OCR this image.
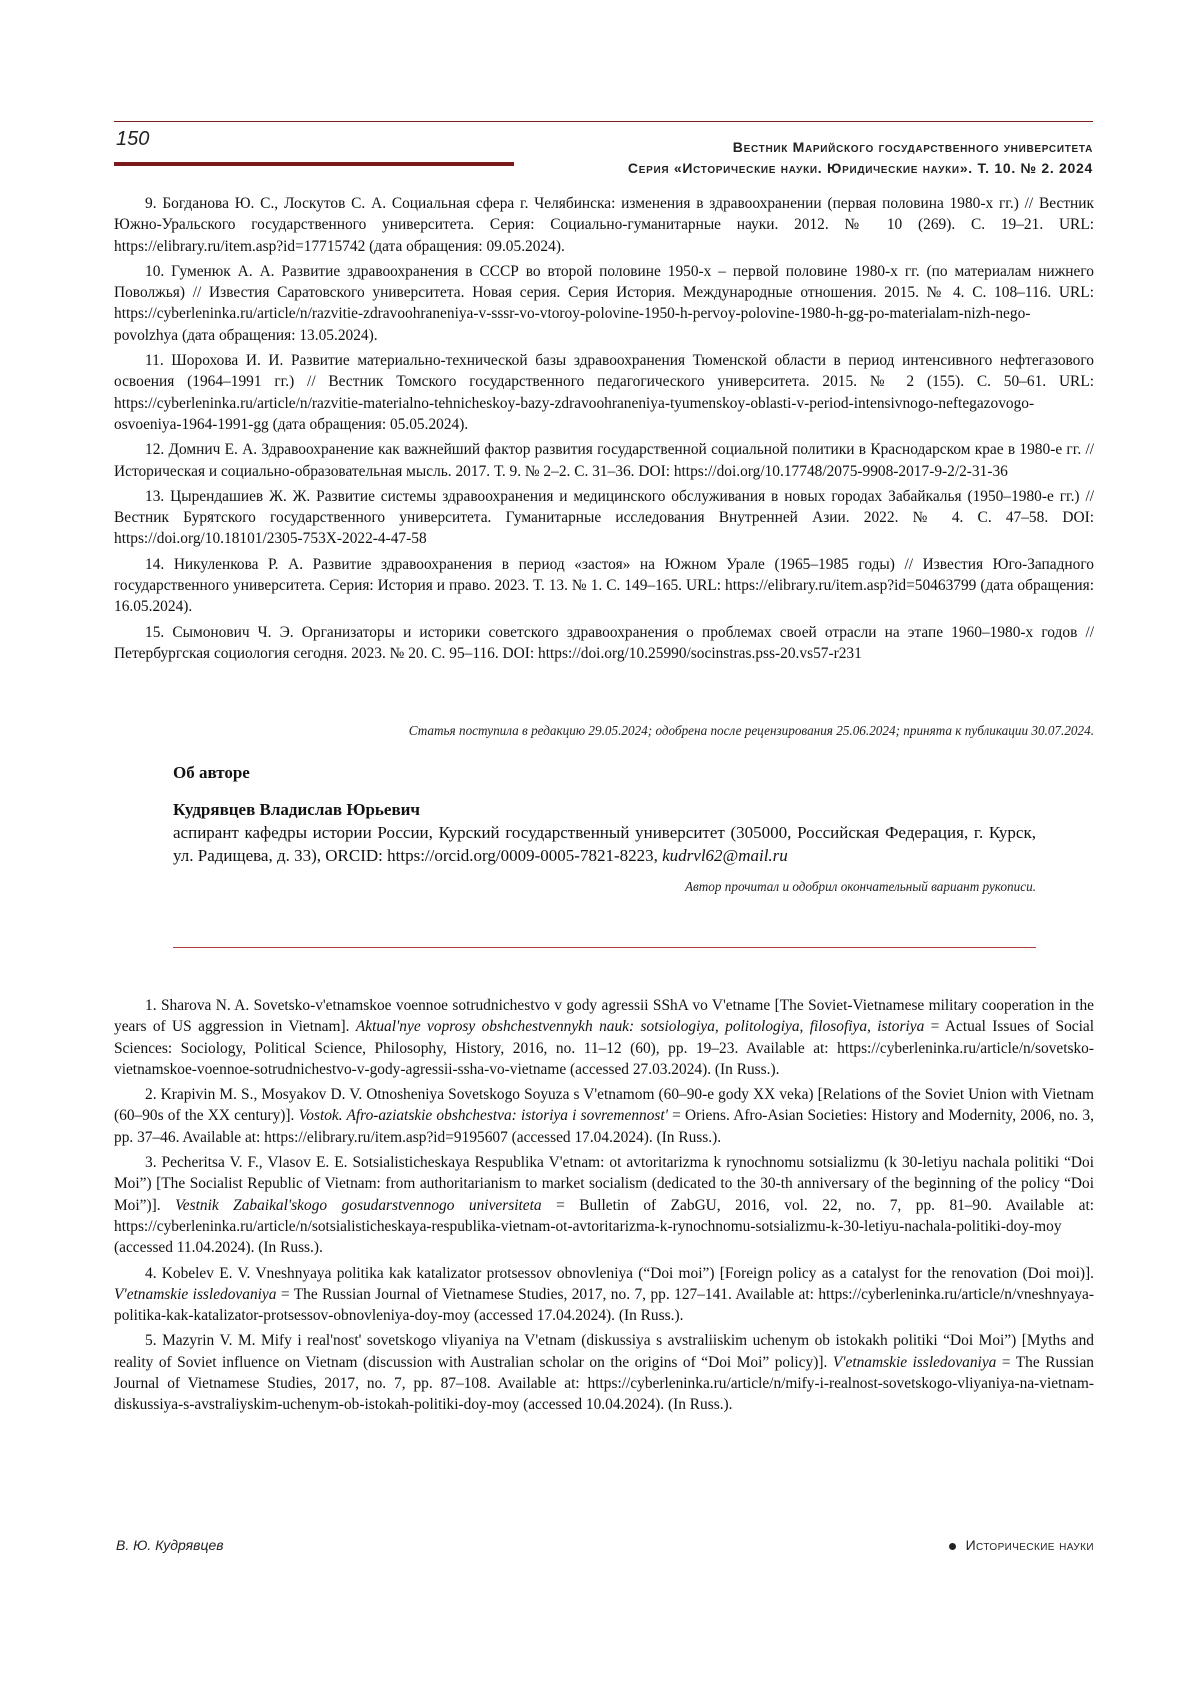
150	Вестник Марийского государственного университета
Серия «Исторические науки. Юридические науки». Т. 10. № 2. 2024

9. Богданова Ю. С., Лоскутов С. А. Социальная сфера г. Челябинска: изменения в здравоохранении (первая половина 1980-х гг.) // Вестник Южно-Уральского государственного университета. Серия: Социально-гуманитарные науки. 2012. № 10 (269). С. 19–21. URL: https://elibrary.ru/item.asp?id=17715742 (дата обращения: 09.05.2024).

10. Гуменюк А. А. Развитие здравоохранения в СССР во второй половине 1950-х – первой половине 1980-х гг. (по материалам нижнего Поволжья) // Известия Саратовского университета. Новая серия. Серия История. Международные отношения. 2015. № 4. С. 108–116. URL: https://cyberleninka.ru/article/n/razvitie-zdravoohraneniya-v-sssr-vo-vtoroy-polovine-1950-h-pervoy-polovine-1980-h-gg-po-materialam-nizh-nego-povolzhya (дата обращения: 13.05.2024).

11. Шорохова И. И. Развитие материально-технической базы здравоохранения Тюменской области в период интенсивного нефтегазового освоения (1964–1991 гг.) // Вестник Томского государственного педагогического университета. 2015. № 2 (155). С. 50–61. URL: https://cyberleninka.ru/article/n/razvitie-materialno-tehnicheskoy-bazy-zdravoohraneniya-tyumenskoy-oblasti-v-period-intensivnogo-neftegazovogo-osvoeniya-1964-1991-gg (дата обращения: 05.05.2024).

12. Домнич Е. А. Здравоохранение как важнейший фактор развития государственной социальной политики в Краснодарском крае в 1980-е гг. // Историческая и социально-образовательная мысль. 2017. Т. 9. № 2–2. С. 31–36. DOI: https://doi.org/10.17748/2075-9908-2017-9-2/2-31-36

13. Цырендашиев Ж. Ж. Развитие системы здравоохранения и медицинского обслуживания в новых городах Забайкалья (1950–1980-е гг.) // Вестник Бурятского государственного университета. Гуманитарные исследования Внутренней Азии. 2022. № 4. С. 47–58. DOI: https://doi.org/10.18101/2305-753X-2022-4-47-58

14. Никуленкова Р. А. Развитие здравоохранения в период «застоя» на Южном Урале (1965–1985 годы) // Известия Юго-Западного государственного университета. Серия: История и право. 2023. Т. 13. № 1. С. 149–165. URL: https://elibrary.ru/item.asp?id=50463799 (дата обращения: 16.05.2024).

15. Сымонович Ч. Э. Организаторы и историки советского здравоохранения о проблемах своей отрасли на этапе 1960–1980-х годов // Петербургская социология сегодня. 2023. № 20. С. 95–116. DOI: https://doi.org/10.25990/socinstras.pss-20.vs57-r231

Статья поступила в редакцию 29.05.2024; одобрена после рецензирования 25.06.2024; принята к публикации 30.07.2024.
Об авторе
Кудрявцев Владислав Юрьевич

аспирант кафедры истории России, Курский государственный университет (305000, Российская Федерация, г. Курск, ул. Радищева, д. 33), ORCID: https://orcid.org/0009-0005-7821-8223, kudrvl62@mail.ru

Автор прочитал и одобрил окончательный вариант рукописи.

1. Sharova N. A. Sovetsko-v'etnamskoe voennoe sotrudnichestvo v gody agressii SShA vo V'etname [The Soviet-Vietnamese military cooperation in the years of US aggression in Vietnam]. Aktual'nye voprosy obshchestvennykh nauk: sotsiologiya, politologiya, filosofiya, istoriya = Actual Issues of Social Sciences: Sociology, Political Science, Philosophy, History, 2016, no. 11–12 (60), pp. 19–23. Available at: https://cyberleninka.ru/article/n/sovetsko-vietnamskoe-voennoe-sotrudnichestvo-v-gody-agressii-ssha-vo-vietname (accessed 27.03.2024). (In Russ.).

2. Krapivin M. S., Mosyakov D. V. Otnosheniya Sovetskogo Soyuza s V'etnamom (60–90-e gody XX veka) [Relations of the Soviet Union with Vietnam (60–90s of the XX century)]. Vostok. Afro-aziatskie obshchestva: istoriya i sovremennost' = Oriens. Afro-Asian Societies: History and Modernity, 2006, no. 3, pp. 37–46. Available at: https://elibrary.ru/item.asp?id=9195607 (accessed 17.04.2024). (In Russ.).

3. Pecheritsa V. F., Vlasov E. E. Sotsialisticheskaya Respublika V'etnam: ot avtoritarizma k rynochnomu sotsializmu (k 30-letiyu nachala politiki “Doi Moi”) [The Socialist Republic of Vietnam: from authoritarianism to market socialism (dedicated to the 30-th anniversary of the beginning of the policy “Doi Moi”)]. Vestnik Zabaikal'skogo gosudarstvennogo universiteta = Bulletin of ZabGU, 2016, vol. 22, no. 7, pp. 81–90. Available at: https://cyberleninka.ru/article/n/sotsialisticheskaya-respublika-vietnam-ot-avtoritarizma-k-rynochnomu-sotsializmu-k-30-letiyu-nachala-politiki-doy-moy (accessed 11.04.2024). (In Russ.).

4. Kobelev E. V. Vneshnyaya politika kak katalizator protsessov obnovleniya (“Doi moi”) [Foreign policy as a catalyst for the renovation (Doi moi)]. V'etnamskie issledovaniya = The Russian Journal of Vietnamese Studies, 2017, no. 7, pp. 127–141. Available at: https://cyberleninka.ru/article/n/vneshnyaya-politika-kak-katalizator-protsessov-obnovleniya-doy-moy (accessed 17.04.2024). (In Russ.).

5. Mazyrin V. M. Mify i real'nost' sovetskogo vliyaniya na V'etnam (diskussiya s avstraliiskim uchenym ob istokakh politiki “Doi Moi”) [Myths and reality of Soviet influence on Vietnam (discussion with Australian scholar on the origins of “Doi Moi” policy)]. V'etnamskie issledovaniya = The Russian Journal of Vietnamese Studies, 2017, no. 7, pp. 87–108. Available at: https://cyberleninka.ru/article/n/mify-i-realnost-sovetskogo-vliyaniya-na-vietnam-diskussiya-s-avstraliyskim-uchenym-ob-istokah-politiki-doy-moy (accessed 10.04.2024). (In Russ.).

В. Ю. Кудрявцев	Исторические науки
